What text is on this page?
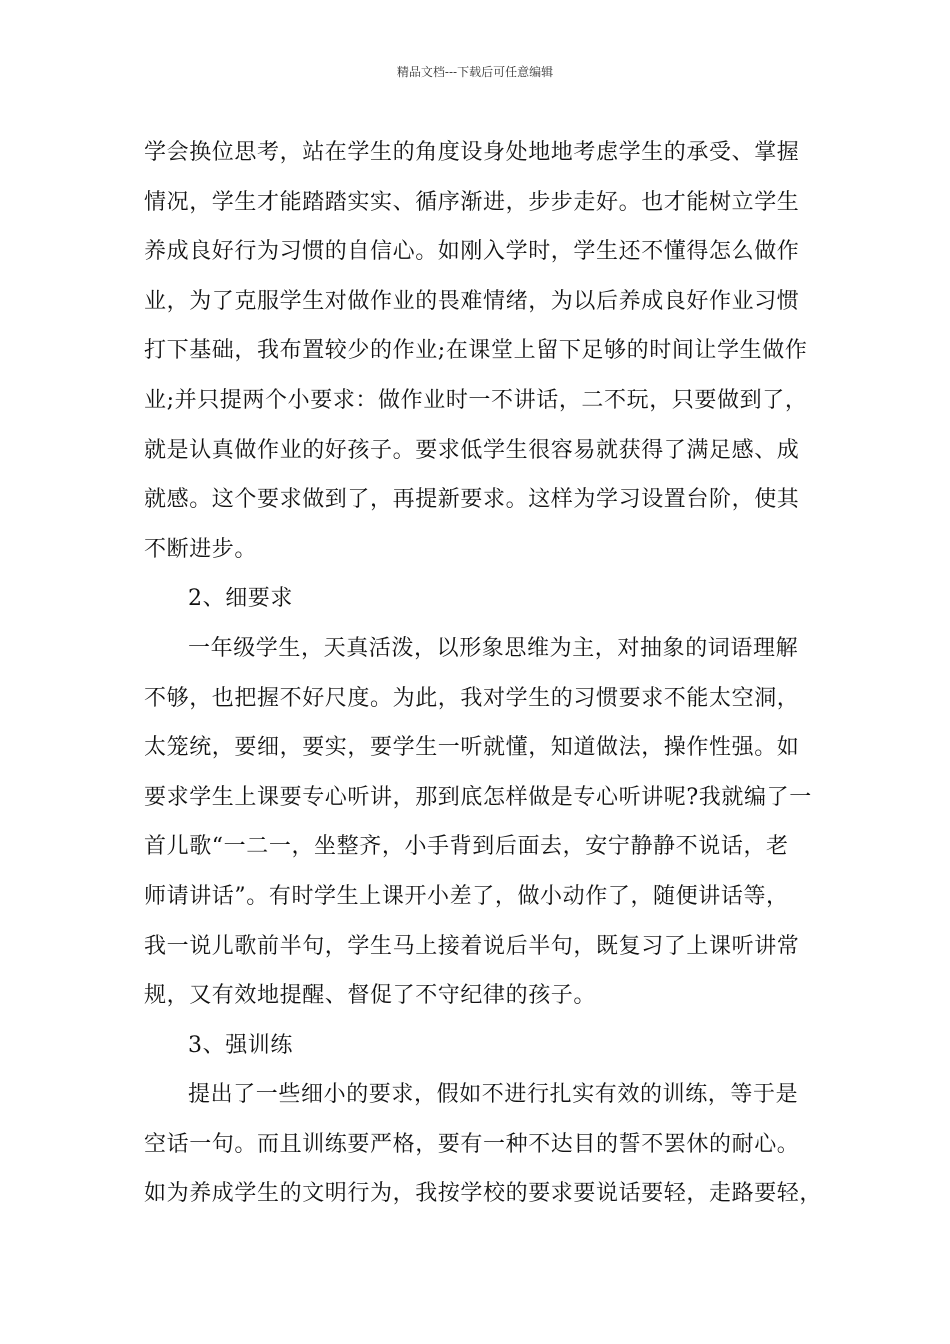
精品文档---下载后可任意编辑
学会换位思考，站在学生的角度设身处地地考虑学生的承受、掌握
情况，学生才能踏踏实实、循序渐进，步步走好。也才能树立学生
养成良好行为习惯的自信心。如刚入学时，学生还不懂得怎么做作
业，为了克服学生对做作业的畏难情绪，为以后养成良好作业习惯
打下基础，我布置较少的作业;在课堂上留下足够的时间让学生做作
业;并只提两个小要求：做作业时一不讲话，二不玩，只要做到了，
就是认真做作业的好孩子。要求低学生很容易就获得了满足感、成
就感。这个要求做到了，再提新要求。这样为学习设置台阶，使其
不断进步。
2、细要求
一年级学生，天真活泼，以形象思维为主，对抽象的词语理解
不够，也把握不好尺度。为此，我对学生的习惯要求不能太空洞，
太笼统，要细，要实，要学生一听就懂，知道做法，操作性强。如
要求学生上课要专心听讲，那到底怎样做是专心听讲呢?我就编了一
首儿歌“一二一，坐整齐，小手背到后面去，安宁静静不说话，老
师请讲话”。有时学生上课开小差了，做小动作了，随便讲话等，
我一说儿歌前半句，学生马上接着说后半句，既复习了上课听讲常
规，又有效地提醒、督促了不守纪律的孩子。
3、强训练
提出了一些细小的要求，假如不进行扎实有效的训练，等于是
空话一句。而且训练要严格，要有一种不达目的誓不罢休的耐心。
如为养成学生的文明行为，我按学校的要求要说话要轻，走路要轻，
